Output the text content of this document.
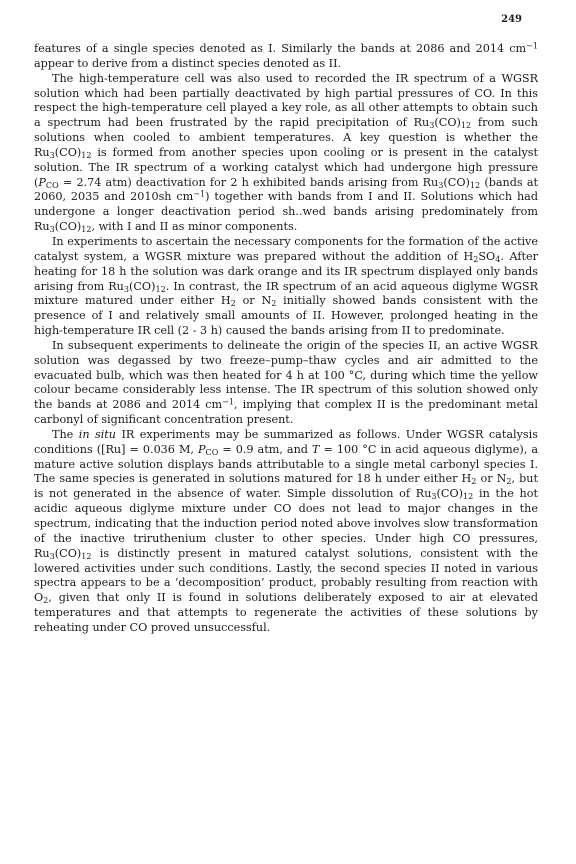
249

features of a single species denoted as I. Similarly the bands at 2086 and 2014 $cm^{-1}$ appear to derive from a distinct species denoted as II.

The high-temperature cell was also used to recorded the IR spectrum of a WGSR solution which had been partially deactivated by high partial pressures of CO. In this respect the high-temperature cell played a key role, as all other attempts to obtain such a spectrum had been frustrated by the rapid precipitation of $Ru_3(CO)_{12}$ from such solutions when cooled to ambient temperatures. A key question is whether the $Ru_3(CO)_{12}$ is formed from another species upon cooling or is present in the catalyst solution. The IR spectrum of a working catalyst which had undergone high pressure ($P_{CO} = 2.74$ atm) deactivation for 2 h exhibited bands arising from $Ru_3(CO)_{12}$ (bands at 2060, 2035 and 2010sh $cm^{-1}$) together with bands from I and II. Solutions which had undergone a longer deactivation period sh..wed bands arising predominately from $Ru_3(CO)_{12}$, with I and II as minor components.

In experiments to ascertain the necessary components for the formation of the active catalyst system, a WGSR mixture was prepared without the addition of $H_2SO_4$. After heating for 18 h the solution was dark orange and its IR spectrum displayed only bands arising from $Ru_3(CO)_{12}$. In contrast, the IR spectrum of an acid aqueous diglyme WGSR mixture matured under either $H_2$ or $N_2$ initially showed bands consistent with the presence of I and relatively small amounts of II. However, prolonged heating in the high-temperature IR cell (2 - 3 h) caused the bands arising from II to predominate.

In subsequent experiments to delineate the origin of the species II, an active WGSR solution was degassed by two freeze–pump–thaw cycles and air admitted to the evacuated bulb, which was then heated for 4 h at 100 °C, during which time the yellow colour became considerably less intense. The IR spectrum of this solution showed only the bands at 2086 and 2014 $cm^{-1}$, implying that complex II is the predominant metal carbonyl of significant concentration present.

The in situ IR experiments may be summarized as follows. Under WGSR catalysis conditions ([Ru] = 0.036 M, $P_{CO} = 0.9$ atm, and T = 100 °C in acid aqueous diglyme), a mature active solution displays bands attributable to a single metal carbonyl species I. The same species is generated in solutions matured for 18 h under either $H_2$ or $N_2$, but is not generated in the absence of water. Simple dissolution of $Ru_3(CO)_{12}$ in the hot acidic aqueous diglyme mixture under CO does not lead to major changes in the spectrum, indicating that the induction period noted above involves slow transformation of the inactive triruthenium cluster to other species. Under high CO pressures, $Ru_3(CO)_{12}$ is distinctly present in matured catalyst solutions, consistent with the lowered activities under such conditions. Lastly, the second species II noted in various spectra appears to be a ‘decomposition’ product, probably resulting from reaction with $O_2$, given that only II is found in solutions deliberately exposed to air at elevated temperatures and that attempts to regenerate the activities of these solutions by reheating under CO proved unsuccessful.
